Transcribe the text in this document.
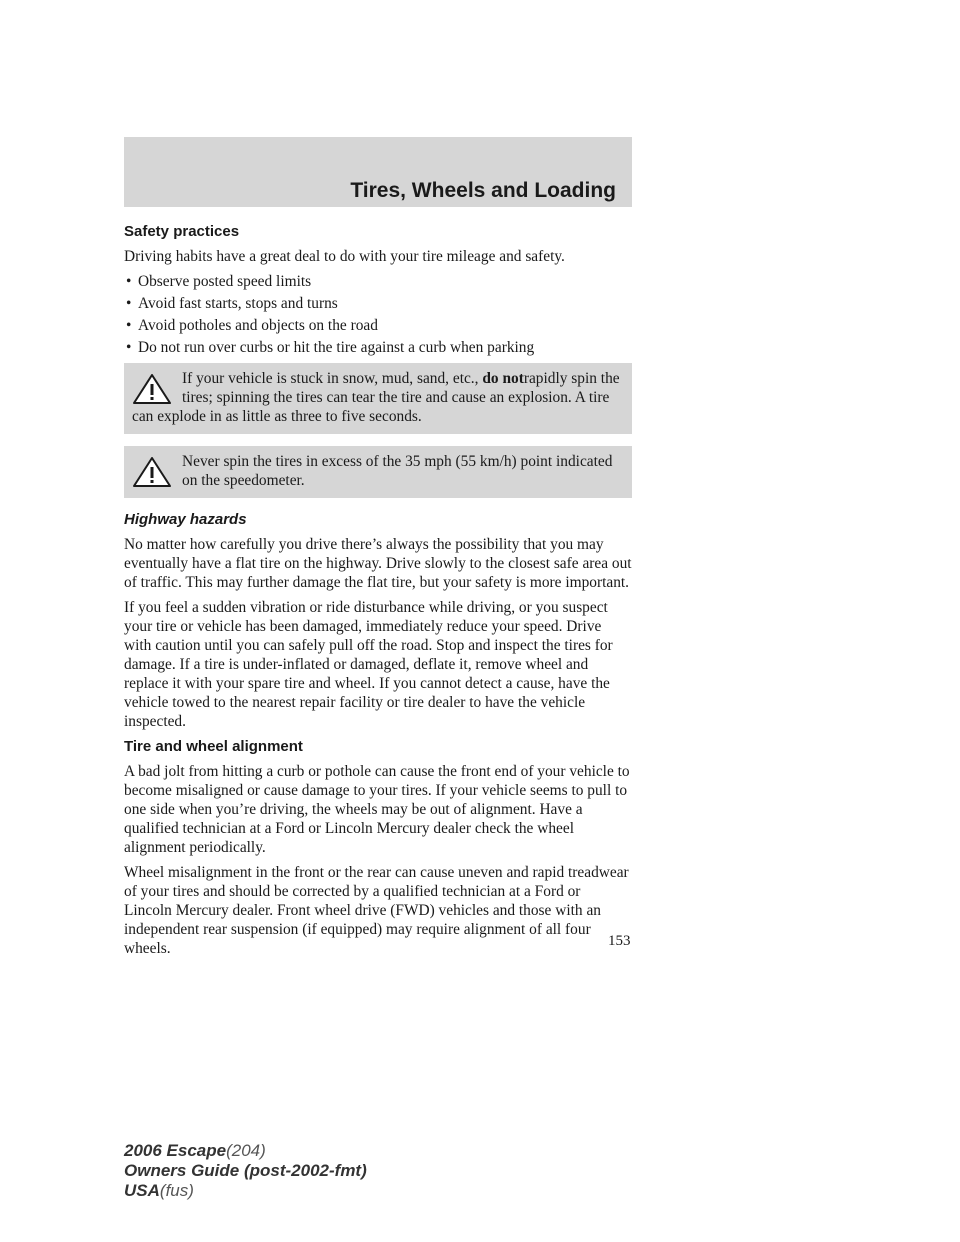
Tires, Wheels and Loading
Safety practices

Driving habits have a great deal to do with your tire mileage and safety.

• Observe posted speed limits
• Avoid fast starts, stops and turns
• Avoid potholes and objects on the road
• Do not run over curbs or hit the tire against a curb when parking
If your vehicle is stuck in snow, mud, sand, etc., do notrapidly spin the tires; spinning the tires can tear the tire and cause an explosion. A tire can explode in as little as three to five seconds.
Never spin the tires in excess of the 35 mph (55 km/h) point indicated on the speedometer.
Highway hazards

No matter how carefully you drive there’s always the possibility that you may eventually have a flat tire on the highway. Drive slowly to the closest safe area out of traffic. This may further damage the flat tire, but your safety is more important.

If you feel a sudden vibration or ride disturbance while driving, or you suspect your tire or vehicle has been damaged, immediately reduce your speed. Drive with caution until you can safely pull off the road. Stop and inspect the tires for damage. If a tire is under-inflated or damaged, deflate it, remove wheel and replace it with your spare tire and wheel. If you cannot detect a cause, have the vehicle towed to the nearest repair facility or tire dealer to have the vehicle inspected.

Tire and wheel alignment

A bad jolt from hitting a curb or pothole can cause the front end of your vehicle to become misaligned or cause damage to your tires. If your vehicle seems to pull to one side when you’re driving, the wheels may be out of alignment. Have a qualified technician at a Ford or Lincoln Mercury dealer check the wheel alignment periodically.

Wheel misalignment in the front or the rear can cause uneven and rapid treadwear of your tires and should be corrected by a qualified technician at a Ford or Lincoln Mercury dealer. Front wheel drive (FWD) vehicles and those with an independent rear suspension (if equipped) may require alignment of all four wheels.	153
2006 Escape(204)
Owners Guide (post-2002-fmt)
USA(fus)
